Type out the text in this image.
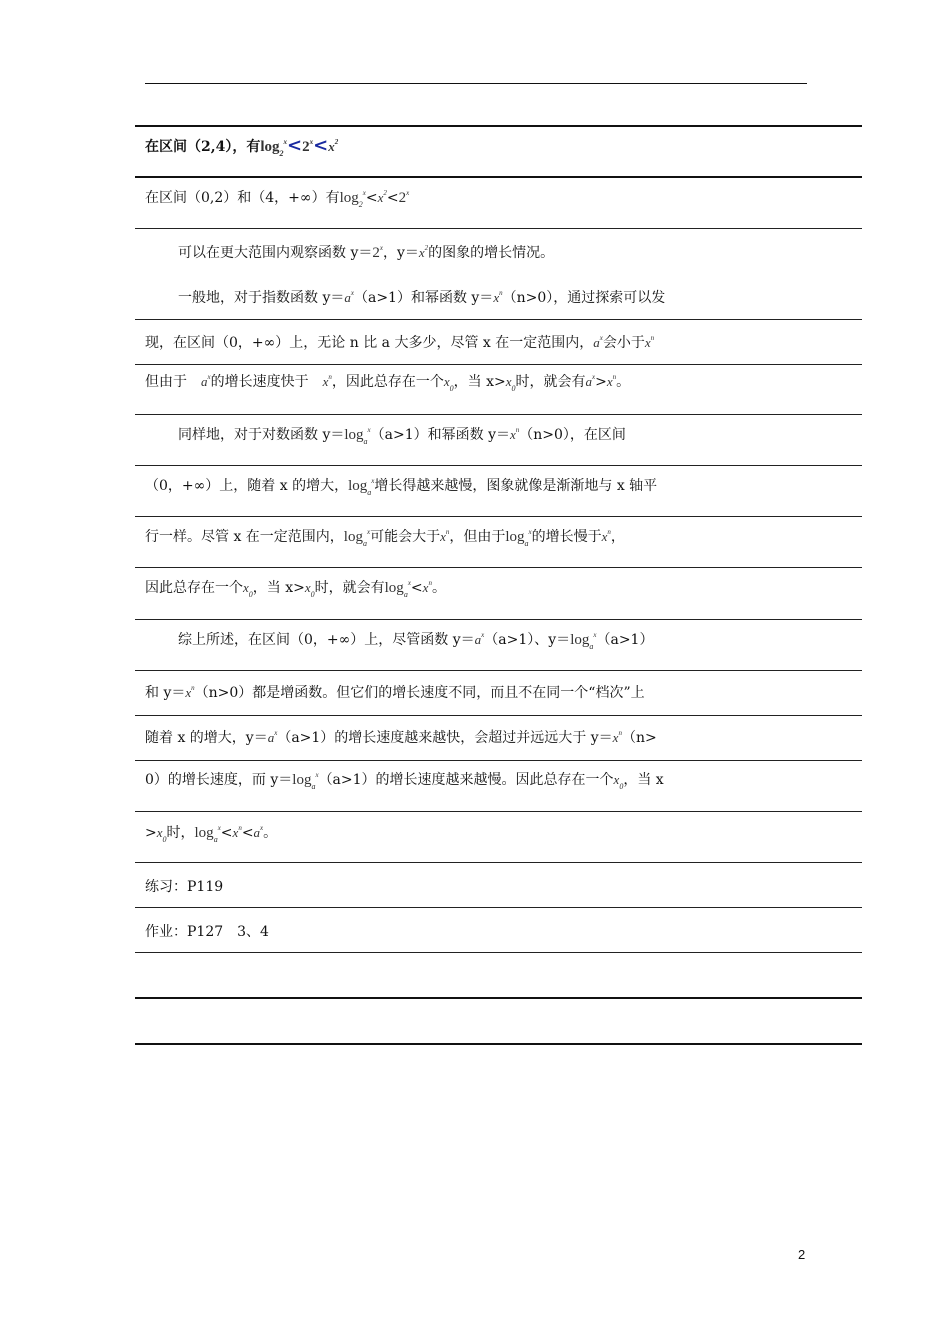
在区间（2,4），有$\log_2^x<2^x<x^2$
在区间（0,2）和（4，+∞）有$\log_2^x<x^2<2^x$
可以在更大范围内观察函数 $y=2^x$，$y=x^2$的图象的增长情况。
一般地，对于指数函数 $y=a^x(a>1)$和幂函数 $y=x^n(n>0)$，通过探索可以发
现，在区间（0，+∞）上，无论 n 比 a 大多少，尽管 x 在一定范围内，$a^x$会小于$x^n$
但由于　 $a^x$的增长速度快于　 $x^n$，因此总存在一个$x_0$，当 $x>x_0$时，就会有$a^x>x^n$。
同样地，对于对数函数 $y=\log_a^x(a>1)$和幂函数 $y=x^n(n>0)$，在区间
（0，+∞）上，随着 x 的增大，$\log_a^x$增长得越来越慢，图象就像是渐渐地与 x 轴平
行一样。尽管 x 在一定范围内，$\log_a^x$可能会大于$x^n$，但由于$\log_a^x$的增长慢于$x^n$，
因此总存在一个$x_0$，当 $x>x_0$时，就会有$\log_a^x<x^n$。
综上所述，在区间（0，+∞）上，尽管函数 $y=a^x(a>1)$、$y=\log_a^x(a>1)$
和 $y=x^n(n>0)$都是增函数。但它们的增长速度不同，而且不在同一个“档次”上
随着 x 的增大，$y=a^x(a>1)$的增长速度越来越快，会超过并远远大于 $y=x^n(n>$
0）的增长速度，而 $y=\log_a^x(a>1)$的增长速度越来越慢。因此总存在一个$x_0$，当 x
$>x_0$时，$\log_a^x<x^n<a^x$。
练习：P119
作业：P127　3、4
2
